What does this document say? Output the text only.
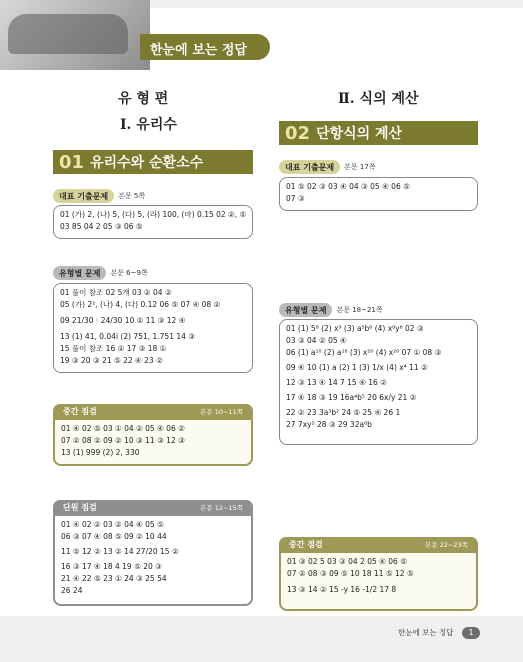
한눈에 보는 정답
유 형 편
Ⅰ. 유리수
01 유리수와 순환소수
대표 기출문제	본문 5쪽
01 (가) 2, (나) 5, (다) 5, (라) 100, (마) 0.15 02 ②, ⑤
03 85 04 2 05 ③ 06 ⑤
유형별 문제	본문 6~9쪽
01 풀이 참조 02 5개 03 ② 04 ②
05 (가) 2², (나) 4, (다) 0.12 06 ⑤ 07 ④ 08 ②
09 21/30 · 24/30 10 ② 11 ③ 12 ④
13 (1) 41, 0.04i (2) 751, 1.751 14 ③
15 풀이 참조 16 ② 17 ③ 18 ①
19 ③ 20 ③ 21 ⑤ 22 ④ 23 ②
중간 점검	본문 10~11쪽
01 ④ 02 ⑤ 03 ① 04 ② 05 ④ 06 ②
07 ② 08 ② 09 ② 10 ③ 11 ③ 12 ③
13 (1) 999 (2) 2, 330
단원 점검	본문 12~15쪽
01 ④ 02 ② 03 ② 04 ④ 05 ⑤
06 ③ 07 ④ 08 ⑤ 09 ② 10 44
11 ⑤ 12 ② 13 ② 14 27/20 15 ②
16 ③ 17 ④ 18 4 19 ⑤ 20 ③
21 ④ 22 ⑤ 23 ① 24 ③ 25 54
26 24
Ⅱ. 식의 계산
02 단항식의 계산
대표 기출문제	본문 17쪽
01 ⑤ 02 ③ 03 ④ 04 ③ 05 ④ 06 ⑤
07 ③
유형별 문제	본문 18~21쪽
01 (1) 5⁸ (2) x⁹ (3) a⁵b⁶ (4) x⁸y⁶ 02 ③
03 ③ 04 ② 05 ④
06 (1) a¹⁰ (2) a¹⁶ (3) x²⁰ (4) x²⁰ 07 ① 08 ③
09 ④ 10 (1) a (2) 1 (3) 1/x (4) x⁴ 11 ②
12 ③ 13 ④ 14 7 15 ④ 16 ②
17 ④ 18 ③ 19 16a⁴b⁵ 20 6x/y 21 ②
22 ② 23 3a³b² 24 ⑤ 25 ④ 26 1
27 7xy² 28 ③ 29 32a⁶b
중간 점검	본문 22~23쪽
01 ③ 02 5 03 ③ 04 2 05 ④ 06 ⑤
07 ② 08 ③ 09 ⑤ 10 18 11 ⑤ 12 ⑤
13 ③ 14 ② 15 -y 16 -1/2 17 8
한눈에 보는 정답	1
